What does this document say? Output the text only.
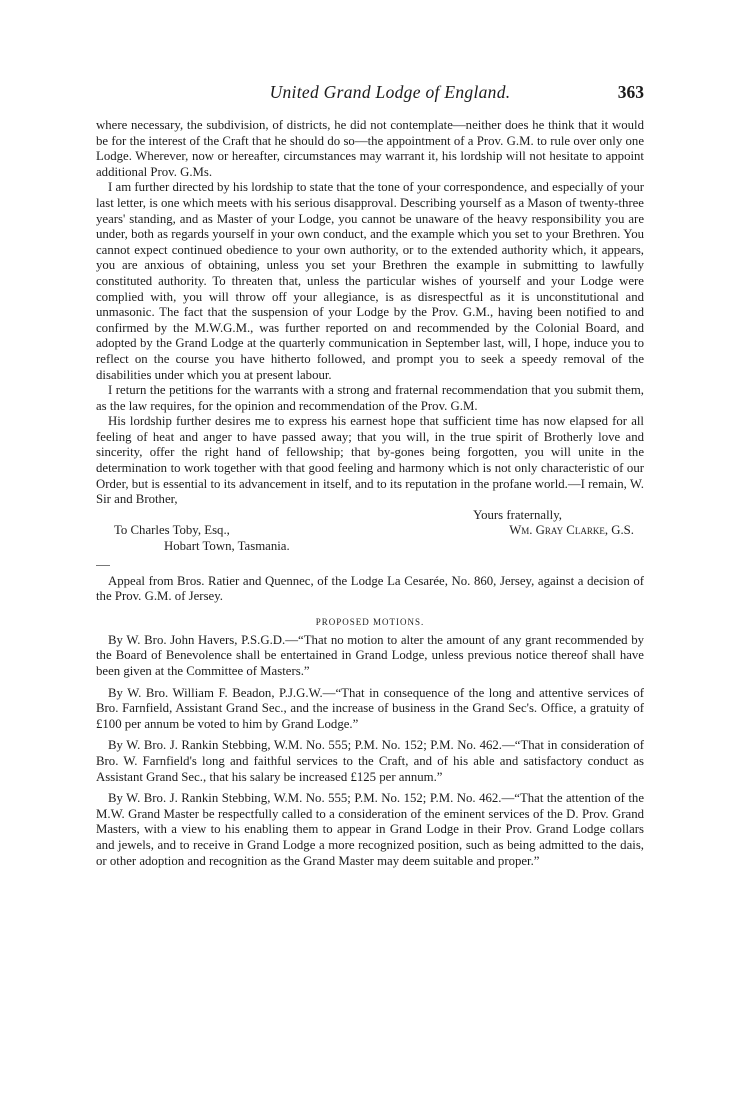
United Grand Lodge of England.	363

where necessary, the subdivision, of districts, he did not contemplate—neither does he think that it would be for the interest of the Craft that he should do so—the appointment of a Prov. G.M. to rule over only one Lodge. Wherever, now or hereafter, circumstances may warrant it, his lordship will not hesitate to appoint additional Prov. G.Ms.

I am further directed by his lordship to state that the tone of your correspondence, and especially of your last letter, is one which meets with his serious disapproval. Describing yourself as a Mason of twenty-three years' standing, and as Master of your Lodge, you cannot be unaware of the heavy responsibility you are under, both as regards yourself in your own conduct, and the example which you set to your Brethren. You cannot expect continued obedience to your own authority, or to the extended authority which, it appears, you are anxious of obtaining, unless you set your Brethren the example in submitting to lawfully constituted authority. To threaten that, unless the particular wishes of yourself and your Lodge were complied with, you will throw off your allegiance, is as disrespectful as it is unconstitutional and unmasonic. The fact that the suspension of your Lodge by the Prov. G.M., having been notified to and confirmed by the M.W.G.M., was further reported on and recommended by the Colonial Board, and adopted by the Grand Lodge at the quarterly communication in September last, will, I hope, induce you to reflect on the course you have hitherto followed, and prompt you to seek a speedy removal of the disabilities under which you at present labour.

I return the petitions for the warrants with a strong and fraternal recommendation that you submit them, as the law requires, for the opinion and recommendation of the Prov. G.M.

His lordship further desires me to express his earnest hope that sufficient time has now elapsed for all feeling of heat and anger to have passed away; that you will, in the true spirit of Brotherly love and sincerity, offer the right hand of fellowship; that by-gones being forgotten, you will unite in the determination to work together with that good feeling and harmony which is not only characteristic of our Order, but is essential to its advancement in itself, and to its reputation in the profane world.—I remain, W. Sir and Brother,

Yours fraternally,
To Charles Toby, Esq.,	Wm. Gray Clarke, G.S.
Hobart Town, Tasmania.

Appeal from Bros. Ratier and Quennec, of the Lodge La Cesarée, No. 860, Jersey, against a decision of the Prov. G.M. of Jersey.

PROPOSED MOTIONS.

By W. Bro. John Havers, P.S.G.D.—“That no motion to alter the amount of any grant recommended by the Board of Benevolence shall be entertained in Grand Lodge, unless previous notice thereof shall have been given at the Committee of Masters.”

By W. Bro. William F. Beadon, P.J.G.W.—“That in consequence of the long and attentive services of Bro. Farnfield, Assistant Grand Sec., and the increase of business in the Grand Sec's. Office, a gratuity of £100 per annum be voted to him by Grand Lodge.”

By W. Bro. J. Rankin Stebbing, W.M. No. 555; P.M. No. 152; P.M. No. 462.—“That in consideration of Bro. W. Farnfield's long and faithful services to the Craft, and of his able and satisfactory conduct as Assistant Grand Sec., that his salary be increased £125 per annum.”

By W. Bro. J. Rankin Stebbing, W.M. No. 555; P.M. No. 152; P.M. No. 462.—“That the attention of the M.W. Grand Master be respectfully called to a consideration of the eminent services of the D. Prov. Grand Masters, with a view to his enabling them to appear in Grand Lodge in their Prov. Grand Lodge collars and jewels, and to receive in Grand Lodge a more recognized position, such as being admitted to the dais, or other adoption and recognition as the Grand Master may deem suitable and proper.”
